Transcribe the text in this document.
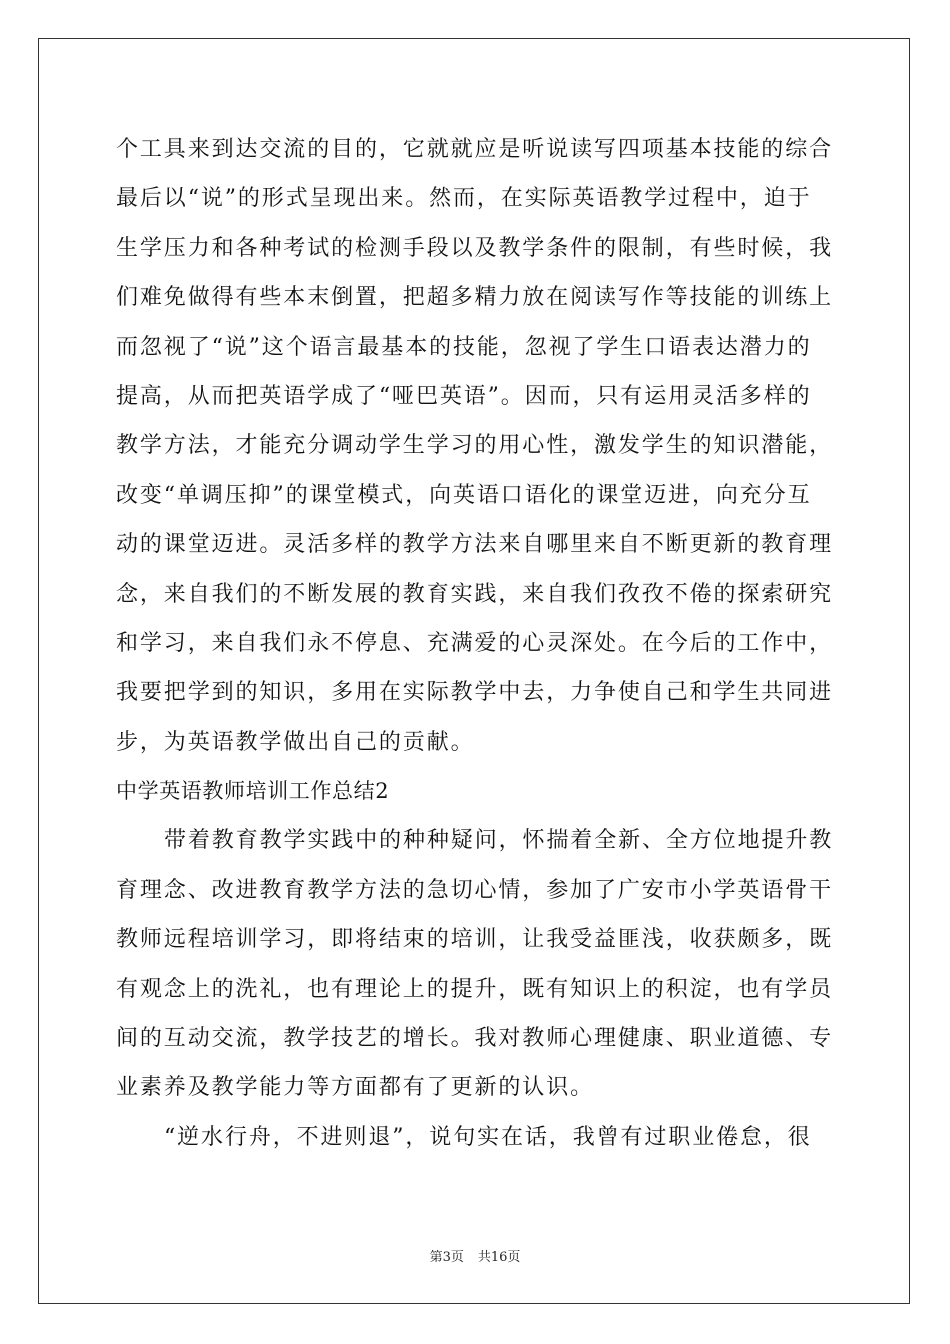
个工具来到达交流的目的，它就就应是听说读写四项基本技能的综合
最后以“说”的形式呈现出来。然而，在实际英语教学过程中，迫于
生学压力和各种考试的检测手段以及教学条件的限制，有些时候，我
们难免做得有些本末倒置，把超多精力放在阅读写作等技能的训练上
而忽视了“说”这个语言最基本的技能，忽视了学生口语表达潜力的
提高，从而把英语学成了“哑巴英语”。因而，只有运用灵活多样的
教学方法，才能充分调动学生学习的用心性，激发学生的知识潜能，
改变“单调压抑”的课堂模式，向英语口语化的课堂迈进，向充分互
动的课堂迈进。灵活多样的教学方法来自哪里来自不断更新的教育理
念，来自我们的不断发展的教育实践，来自我们孜孜不倦的探索研究
和学习，来自我们永不停息、充满爱的心灵深处。在今后的工作中，
我要把学到的知识，多用在实际教学中去，力争使自己和学生共同进
步，为英语教学做出自己的贡献。
中学英语教师培训工作总结2
带着教育教学实践中的种种疑问，怀揣着全新、全方位地提升教
育理念、改进教育教学方法的急切心情，参加了广安市小学英语骨干
教师远程培训学习，即将结束的培训，让我受益匪浅，收获颇多，既
有观念上的洗礼，也有理论上的提升，既有知识上的积淀，也有学员
间的互动交流，教学技艺的增长。我对教师心理健康、职业道德、专
业素养及教学能力等方面都有了更新的认识。
“逆水行舟，不进则退”，说句实在话，我曾有过职业倦怠，很
第3页 共16页
